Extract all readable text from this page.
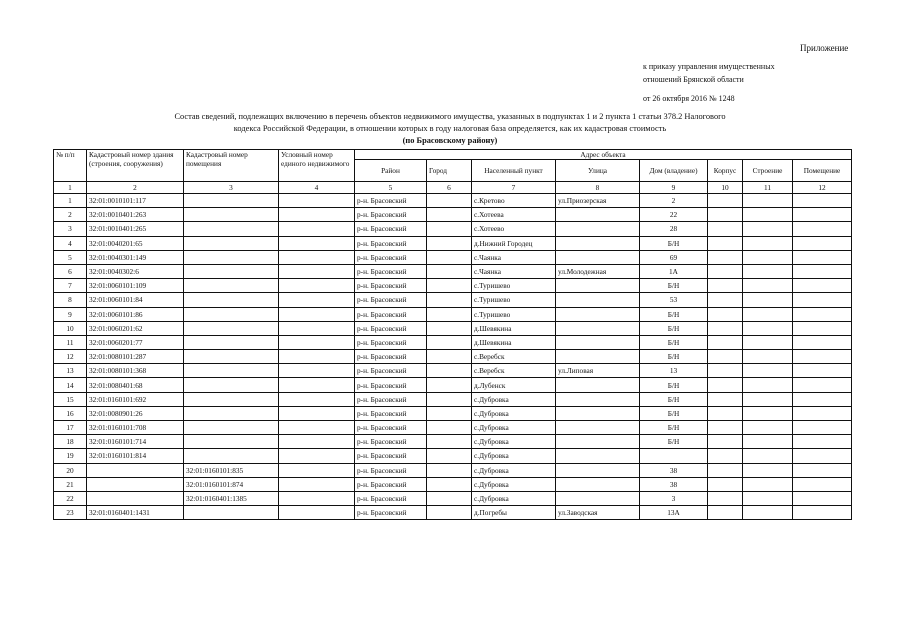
Приложение
к приказу управления имущественных
отношений Брянской области
от 26 октября 2016 № 1248
Состав сведений, подлежащих включению в перечень объектов недвижимого имущества, указанных в подпунктах 1 и 2 пункта 1 статьи 378.2 Налогового
кодекса Российской Федерации, в отношении которых в году налоговая база определяется, как их кадастровая стоимость
(по Брасовскому району)
№ п/п	Кадастровый номер здания (строения, сооружения)	Кадастровый номер помещения	Условный номер единого недвижимого	Адрес объекта							
				Район	Город	Населенный пункт	Улица	Дом (владение)	Корпус	Строение	Помещение
1	2	3	4	5	6	7	8	9	10	11	12
1	32:01:0010101:117			р-н. Брасовский		с.Кретово	ул.Приозерская	2			
2	32:01:0010401:263			р-н. Брасовский		с.Хотеева		22			
3	32:01:0010401:265			р-н. Брасовский		с.Хотеево		28			
4	32:01:0040201:65			р-н. Брасовский		д.Нижний Городец		Б/Н			
5	32:01:0040301:149			р-н. Брасовский		с.Чаянка		69			
6	32:01:0040302:6			р-н. Брасовский		с.Чаянка	ул.Молодежная	1А			
7	32:01:0060101:109			р-н. Брасовский		с.Туришево		Б/Н			
8	32:01:0060101:84			р-н. Брасовский		с.Туришево		53			
9	32:01:0060101:86			р-н. Брасовский		с.Туришево		Б/Н			
10	32:01:0060201:62			р-н. Брасовский		д.Шевякина		Б/Н			
11	32:01:0060201:77			р-н. Брасовский		д.Шевякина		Б/Н			
12	32:01:0080101:287			р-н. Брасовский		с.Веребск		Б/Н			
13	32:01:0080101:368			р-н. Брасовский		с.Веребск	ул.Липовая	13			
14	32:01:0080401:68			р-н. Брасовский		д.Лубенск		Б/Н			
15	32:01:0160101:692			р-н. Брасовский		с.Дубровка		Б/Н			
16	32:01:0080901:26			р-н. Брасовский		с.Дубровка		Б/Н			
17	32:01:0160101:708			р-н. Брасовский		с.Дубровка		Б/Н			
18	32:01:0160101:714			р-н. Брасовский		с.Дубровка		Б/Н			
19	32:01:0160101:814			р-н. Брасовский		с.Дубровка					
20		32:01:0160101:835		р-н. Брасовский		с.Дубровка		38			
21		32:01:0160101:874		р-н. Брасовский		с.Дубровка		38			
22		32:01:0160401:1385		р-н. Брасовский		с.Дубровка		3			
23	32:01:0160401:1431			р-н. Брасовский		д.Погребы	ул.Заводская	13А			
